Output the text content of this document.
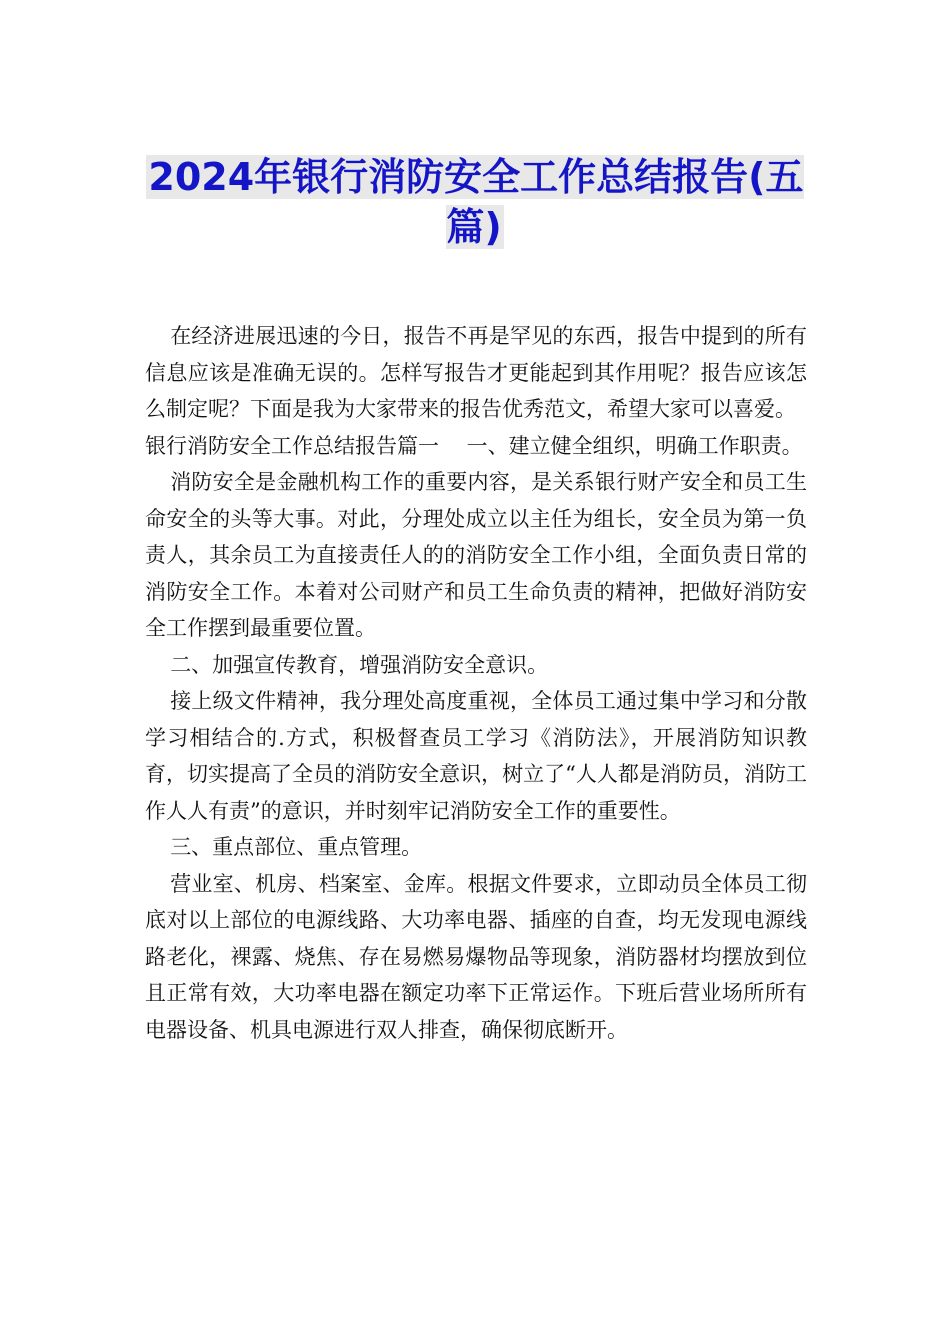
2024年银行消防安全工作总结报告(五篇)

在经济进展迅速的今日，报告不再是罕见的东西，报告中提到的所有信息应该是准确无误的。怎样写报告才更能起到其作用呢？报告应该怎么制定呢？下面是我为大家带来的报告优秀范文，希望大家可以喜爱。

银行消防安全工作总结报告篇一　 一、建立健全组织，明确工作职责。

消防安全是金融机构工作的重要内容，是关系银行财产安全和员工生命安全的头等大事。对此，分理处成立以主任为组长，安全员为第一负责人，其余员工为直接责任人的的消防安全工作小组，全面负责日常的消防安全工作。本着对公司财产和员工生命负责的精神，把做好消防安全工作摆到最重要位置。

二、加强宣传教育，增强消防安全意识。

接上级文件精神，我分理处高度重视，全体员工通过集中学习和分散学习相结合的.方式，积极督查员工学习《消防法》，开展消防知识教育，切实提高了全员的消防安全意识，树立了“人人都是消防员，消防工作人人有责”的意识，并时刻牢记消防安全工作的重要性。

三、重点部位、重点管理。

营业室、机房、档案室、金库。根据文件要求，立即动员全体员工彻底对以上部位的电源线路、大功率电器、插座的自查，均无发现电源线路老化，裸露、烧焦、存在易燃易爆物品等现象，消防器材均摆放到位且正常有效，大功率电器在额定功率下正常运作。下班后营业场所所有电器设备、机具电源进行双人排查，确保彻底断开。
